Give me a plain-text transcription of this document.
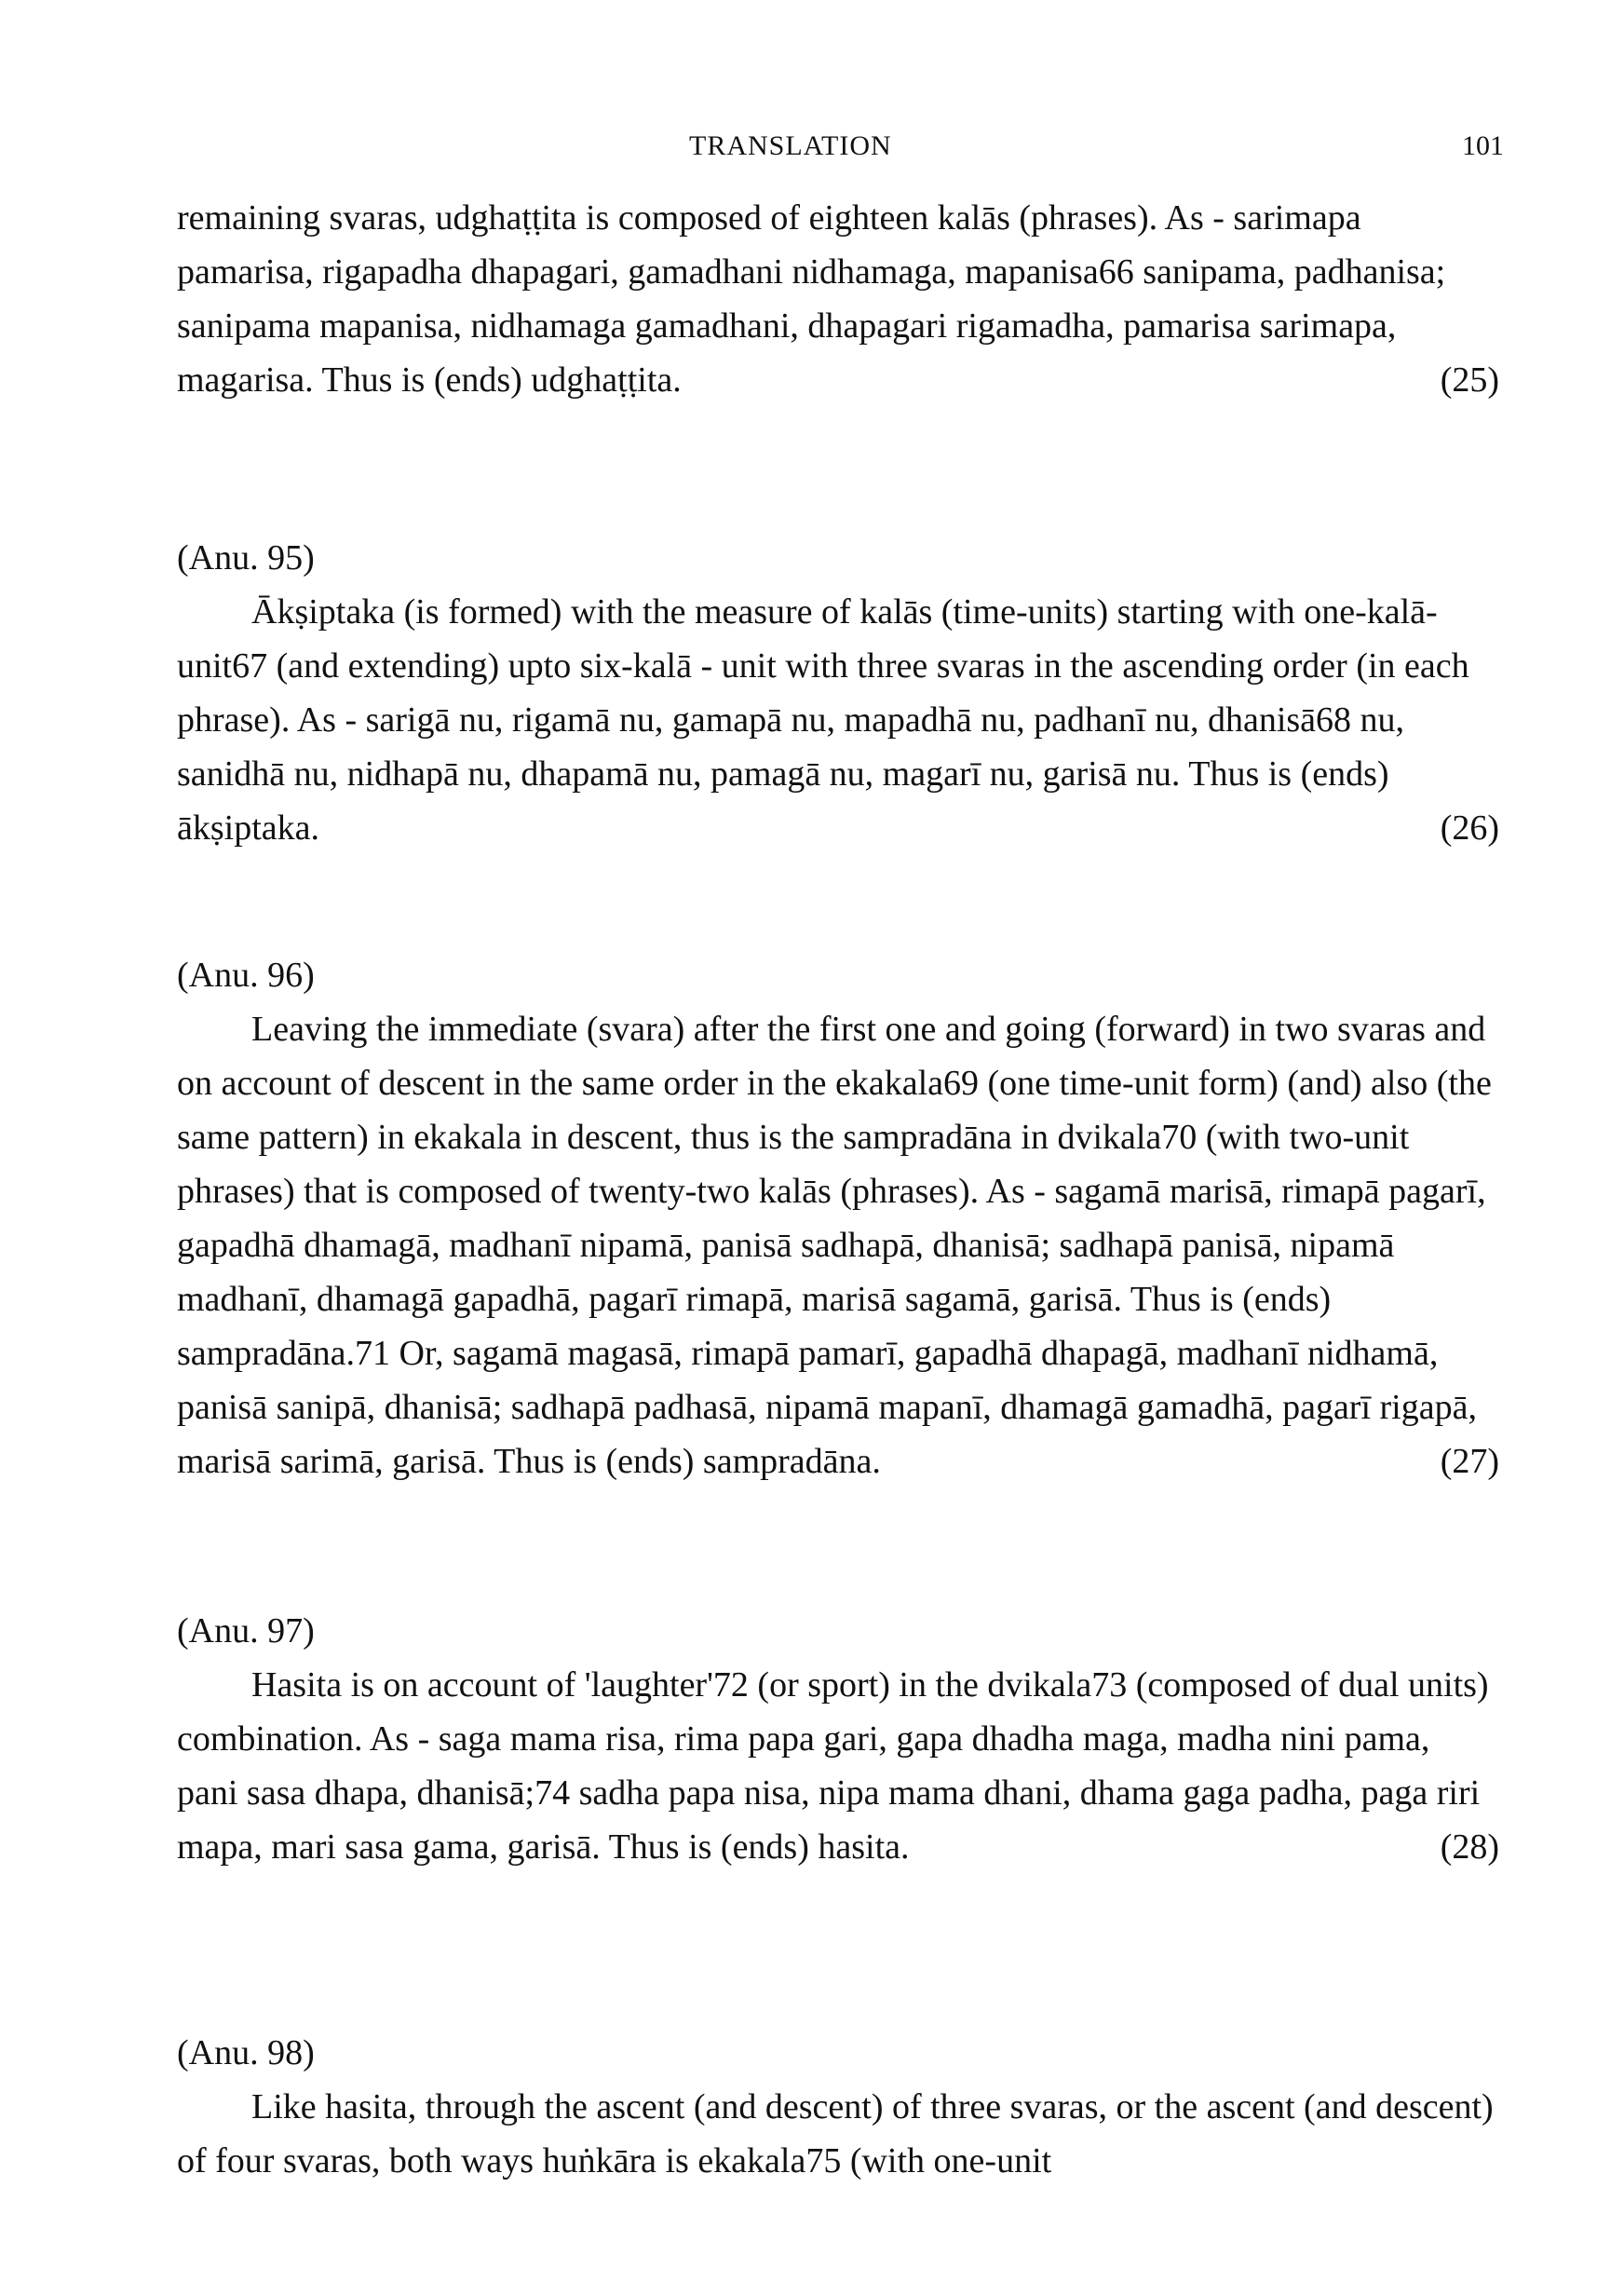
TRANSLATION	101

remaining svaras, udghaṭṭita is composed of eighteen kalās (phrases). As - sarimapa pamarisa, rigapadha dhapagari, gamadhani nidhamaga, mapanisa66 sanipama, padhanisa; sanipama mapanisa, nidhamaga gamadhani, dhapagari rigamadha, pamarisa sarimapa, magarisa. Thus is (ends) udghaṭṭita.	(25)

(Anu. 95)

Ākṣiptaka (is formed) with the measure of kalās (time-units) starting with one-kalā-unit67 (and extending) upto six-kalā - unit with three svaras in the ascending order (in each phrase). As - sarigā nu, rigamā nu, gamapā nu, mapadhā nu, padhanī nu, dhanisā68 nu, sanidhā nu, nidhapā nu, dhapamā nu, pamagā nu, magarī nu, garisā nu. Thus is (ends) ākṣiptaka.	(26)

(Anu. 96)

Leaving the immediate (svara) after the first one and going (forward) in two svaras and on account of descent in the same order in the ekakala69 (one time-unit form) (and) also (the same pattern) in ekakala in descent, thus is the sampradāna in dvikala70 (with two-unit phrases) that is composed of twenty-two kalās (phrases). As - sagamā marisā, rimapā pagarī, gapadhā dhamagā, madhanī nipamā, panisā sadhapā, dhanisā; sadhapā panisā, nipamā madhanī, dhamagā gapadhā, pagarī rimapā, marisā sagamā, garisā. Thus is (ends) sampradāna.71 Or, sagamā magasā, rimapā pamarī, gapadhā dhapagā, madhanī nidhamā, panisā sanipā, dhanisā; sadhapā padhasā, nipamā mapanī, dhamagā gamadhā, pagarī rigapā, marisā sarimā, garisā. Thus is (ends) sampradāna.	(27)

(Anu. 97)

Hasita is on account of 'laughter'72 (or sport) in the dvikala73 (composed of dual units) combination. As - saga mama risa, rima papa gari, gapa dhadha maga, madha nini pama, pani sasa dhapa, dhanisā;74 sadha papa nisa, nipa mama dhani, dhama gaga padha, paga riri mapa, mari sasa gama, garisā. Thus is (ends) hasita.	(28)

(Anu. 98)

Like hasita, through the ascent (and descent) of three svaras, or the ascent (and descent) of four svaras, both ways huṅkāra is ekakala75 (with one-unit
